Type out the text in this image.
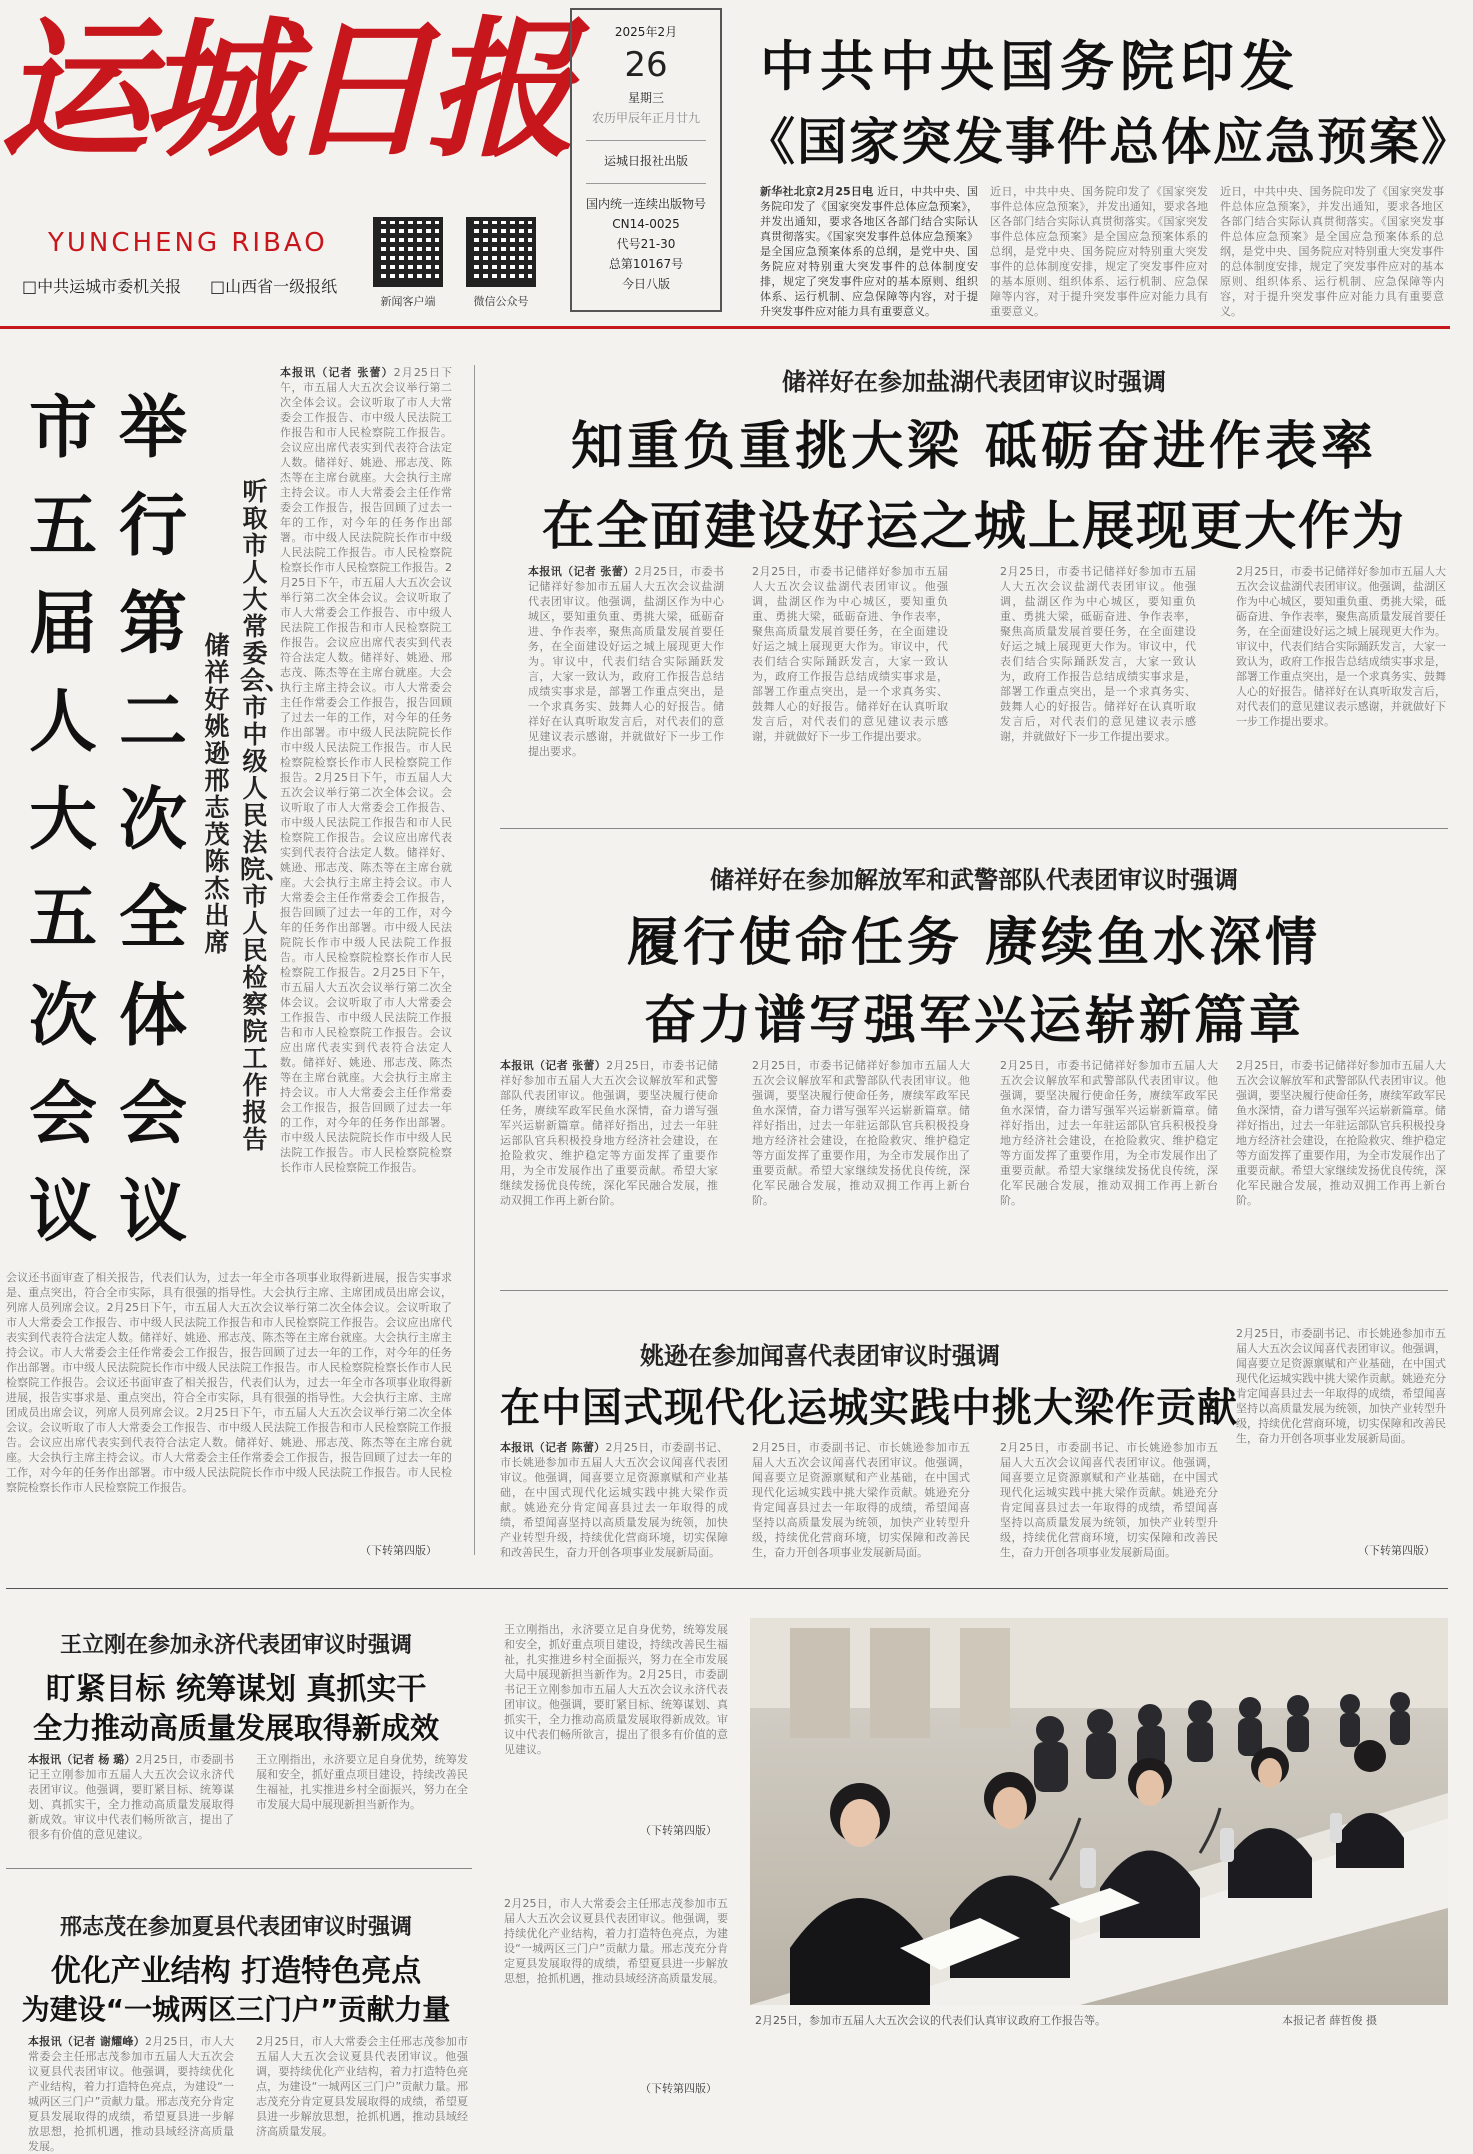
运城日报
YUNCHENG RIBAO
□中共运城市委机关报 □山西省一级报纸
新闻客户端	微信公众号
2025年2月
26
星期三
农历甲辰年正月廿九
运城日报社出版
国内统一连续出版物号
CN14-0025
代号21-30
总第10167号
今日八版
中共中央国务院印发
《国家突发事件总体应急预案》
新华社北京2月25日电 近日，中共中央、国务院印发了《国家突发事件总体应急预案》，并发出通知，要求各地区各部门结合实际认真贯彻落实。《国家突发事件总体应急预案》是全国应急预案体系的总纲，是党中央、国务院应对特别重大突发事件的总体制度安排，规定了突发事件应对的基本原则、组织体系、运行机制、应急保障等内容，对于提升突发事件应对能力具有重要意义。
近日，中共中央、国务院印发了《国家突发事件总体应急预案》，并发出通知，要求各地区各部门结合实际认真贯彻落实。《国家突发事件总体应急预案》是全国应急预案体系的总纲，是党中央、国务院应对特别重大突发事件的总体制度安排，规定了突发事件应对的基本原则、组织体系、运行机制、应急保障等内容，对于提升突发事件应对能力具有重要意义。
近日，中共中央、国务院印发了《国家突发事件总体应急预案》，并发出通知，要求各地区各部门结合实际认真贯彻落实。《国家突发事件总体应急预案》是全国应急预案体系的总纲，是党中央、国务院应对特别重大突发事件的总体制度安排，规定了突发事件应对的基本原则、组织体系、运行机制、应急保障等内容，对于提升突发事件应对能力具有重要意义。
举行第二次全体会议
市五届人大五次会议
听取市人大常委会、市中级人民法院、市人民检察院工作报告
储祥好姚逊邢志茂陈杰出席
本报讯（记者 张蕾）2月25日下午，市五届人大五次会议举行第二次全体会议。会议听取了市人大常委会工作报告、市中级人民法院工作报告和市人民检察院工作报告。会议应出席代表实到代表符合法定人数。储祥好、姚逊、邢志茂、陈杰等在主席台就座。大会执行主席主持会议。市人大常委会主任作常委会工作报告，报告回顾了过去一年的工作，对今年的任务作出部署。市中级人民法院院长作市中级人民法院工作报告。市人民检察院检察长作市人民检察院工作报告。2月25日下午，市五届人大五次会议举行第二次全体会议。会议听取了市人大常委会工作报告、市中级人民法院工作报告和市人民检察院工作报告。会议应出席代表实到代表符合法定人数。储祥好、姚逊、邢志茂、陈杰等在主席台就座。大会执行主席主持会议。市人大常委会主任作常委会工作报告，报告回顾了过去一年的工作，对今年的任务作出部署。市中级人民法院院长作市中级人民法院工作报告。市人民检察院检察长作市人民检察院工作报告。2月25日下午，市五届人大五次会议举行第二次全体会议。会议听取了市人大常委会工作报告、市中级人民法院工作报告和市人民检察院工作报告。会议应出席代表实到代表符合法定人数。储祥好、姚逊、邢志茂、陈杰等在主席台就座。大会执行主席主持会议。市人大常委会主任作常委会工作报告，报告回顾了过去一年的工作，对今年的任务作出部署。市中级人民法院院长作市中级人民法院工作报告。市人民检察院检察长作市人民检察院工作报告。2月25日下午，市五届人大五次会议举行第二次全体会议。会议听取了市人大常委会工作报告、市中级人民法院工作报告和市人民检察院工作报告。会议应出席代表实到代表符合法定人数。储祥好、姚逊、邢志茂、陈杰等在主席台就座。大会执行主席主持会议。市人大常委会主任作常委会工作报告，报告回顾了过去一年的工作，对今年的任务作出部署。市中级人民法院院长作市中级人民法院工作报告。市人民检察院检察长作市人民检察院工作报告。
会议还书面审查了相关报告，代表们认为，过去一年全市各项事业取得新进展，报告实事求是、重点突出，符合全市实际，具有很强的指导性。大会执行主席、主席团成员出席会议，列席人员列席会议。2月25日下午，市五届人大五次会议举行第二次全体会议。会议听取了市人大常委会工作报告、市中级人民法院工作报告和市人民检察院工作报告。会议应出席代表实到代表符合法定人数。储祥好、姚逊、邢志茂、陈杰等在主席台就座。大会执行主席主持会议。市人大常委会主任作常委会工作报告，报告回顾了过去一年的工作，对今年的任务作出部署。市中级人民法院院长作市中级人民法院工作报告。市人民检察院检察长作市人民检察院工作报告。会议还书面审查了相关报告，代表们认为，过去一年全市各项事业取得新进展，报告实事求是、重点突出，符合全市实际，具有很强的指导性。大会执行主席、主席团成员出席会议，列席人员列席会议。2月25日下午，市五届人大五次会议举行第二次全体会议。会议听取了市人大常委会工作报告、市中级人民法院工作报告和市人民检察院工作报告。会议应出席代表实到代表符合法定人数。储祥好、姚逊、邢志茂、陈杰等在主席台就座。大会执行主席主持会议。市人大常委会主任作常委会工作报告，报告回顾了过去一年的工作，对今年的任务作出部署。市中级人民法院院长作市中级人民法院工作报告。市人民检察院检察长作市人民检察院工作报告。
（下转第四版）
储祥好在参加盐湖代表团审议时强调
知重负重挑大梁 砥砺奋进作表率
在全面建设好运之城上展现更大作为
本报讯（记者 张蕾）2月25日，市委书记储祥好参加市五届人大五次会议盐湖代表团审议。他强调，盐湖区作为中心城区，要知重负重、勇挑大梁，砥砺奋进、争作表率，聚焦高质量发展首要任务，在全面建设好运之城上展现更大作为。审议中，代表们结合实际踊跃发言，大家一致认为，政府工作报告总结成绩实事求是，部署工作重点突出，是一个求真务实、鼓舞人心的好报告。储祥好在认真听取发言后，对代表们的意见建议表示感谢，并就做好下一步工作提出要求。
2月25日，市委书记储祥好参加市五届人大五次会议盐湖代表团审议。他强调，盐湖区作为中心城区，要知重负重、勇挑大梁，砥砺奋进、争作表率，聚焦高质量发展首要任务，在全面建设好运之城上展现更大作为。审议中，代表们结合实际踊跃发言，大家一致认为，政府工作报告总结成绩实事求是，部署工作重点突出，是一个求真务实、鼓舞人心的好报告。储祥好在认真听取发言后，对代表们的意见建议表示感谢，并就做好下一步工作提出要求。
2月25日，市委书记储祥好参加市五届人大五次会议盐湖代表团审议。他强调，盐湖区作为中心城区，要知重负重、勇挑大梁，砥砺奋进、争作表率，聚焦高质量发展首要任务，在全面建设好运之城上展现更大作为。审议中，代表们结合实际踊跃发言，大家一致认为，政府工作报告总结成绩实事求是，部署工作重点突出，是一个求真务实、鼓舞人心的好报告。储祥好在认真听取发言后，对代表们的意见建议表示感谢，并就做好下一步工作提出要求。
2月25日，市委书记储祥好参加市五届人大五次会议盐湖代表团审议。他强调，盐湖区作为中心城区，要知重负重、勇挑大梁，砥砺奋进、争作表率，聚焦高质量发展首要任务，在全面建设好运之城上展现更大作为。审议中，代表们结合实际踊跃发言，大家一致认为，政府工作报告总结成绩实事求是，部署工作重点突出，是一个求真务实、鼓舞人心的好报告。储祥好在认真听取发言后，对代表们的意见建议表示感谢，并就做好下一步工作提出要求。
储祥好在参加解放军和武警部队代表团审议时强调
履行使命任务 赓续鱼水深情
奋力谱写强军兴运崭新篇章
本报讯（记者 张蕾）2月25日，市委书记储祥好参加市五届人大五次会议解放军和武警部队代表团审议。他强调，要坚决履行使命任务，赓续军政军民鱼水深情，奋力谱写强军兴运崭新篇章。储祥好指出，过去一年驻运部队官兵积极投身地方经济社会建设，在抢险救灾、维护稳定等方面发挥了重要作用，为全市发展作出了重要贡献。希望大家继续发扬优良传统，深化军民融合发展，推动双拥工作再上新台阶。
2月25日，市委书记储祥好参加市五届人大五次会议解放军和武警部队代表团审议。他强调，要坚决履行使命任务，赓续军政军民鱼水深情，奋力谱写强军兴运崭新篇章。储祥好指出，过去一年驻运部队官兵积极投身地方经济社会建设，在抢险救灾、维护稳定等方面发挥了重要作用，为全市发展作出了重要贡献。希望大家继续发扬优良传统，深化军民融合发展，推动双拥工作再上新台阶。
2月25日，市委书记储祥好参加市五届人大五次会议解放军和武警部队代表团审议。他强调，要坚决履行使命任务，赓续军政军民鱼水深情，奋力谱写强军兴运崭新篇章。储祥好指出，过去一年驻运部队官兵积极投身地方经济社会建设，在抢险救灾、维护稳定等方面发挥了重要作用，为全市发展作出了重要贡献。希望大家继续发扬优良传统，深化军民融合发展，推动双拥工作再上新台阶。
2月25日，市委书记储祥好参加市五届人大五次会议解放军和武警部队代表团审议。他强调，要坚决履行使命任务，赓续军政军民鱼水深情，奋力谱写强军兴运崭新篇章。储祥好指出，过去一年驻运部队官兵积极投身地方经济社会建设，在抢险救灾、维护稳定等方面发挥了重要作用，为全市发展作出了重要贡献。希望大家继续发扬优良传统，深化军民融合发展，推动双拥工作再上新台阶。
姚逊在参加闻喜代表团审议时强调
在中国式现代化运城实践中挑大梁作贡献
本报讯（记者 陈蕾）2月25日，市委副书记、市长姚逊参加市五届人大五次会议闻喜代表团审议。他强调，闻喜要立足资源禀赋和产业基础，在中国式现代化运城实践中挑大梁作贡献。姚逊充分肯定闻喜县过去一年取得的成绩，希望闻喜坚持以高质量发展为统领，加快产业转型升级，持续优化营商环境，切实保障和改善民生，奋力开创各项事业发展新局面。
2月25日，市委副书记、市长姚逊参加市五届人大五次会议闻喜代表团审议。他强调，闻喜要立足资源禀赋和产业基础，在中国式现代化运城实践中挑大梁作贡献。姚逊充分肯定闻喜县过去一年取得的成绩，希望闻喜坚持以高质量发展为统领，加快产业转型升级，持续优化营商环境，切实保障和改善民生，奋力开创各项事业发展新局面。
2月25日，市委副书记、市长姚逊参加市五届人大五次会议闻喜代表团审议。他强调，闻喜要立足资源禀赋和产业基础，在中国式现代化运城实践中挑大梁作贡献。姚逊充分肯定闻喜县过去一年取得的成绩，希望闻喜坚持以高质量发展为统领，加快产业转型升级，持续优化营商环境，切实保障和改善民生，奋力开创各项事业发展新局面。
2月25日，市委副书记、市长姚逊参加市五届人大五次会议闻喜代表团审议。他强调，闻喜要立足资源禀赋和产业基础，在中国式现代化运城实践中挑大梁作贡献。姚逊充分肯定闻喜县过去一年取得的成绩，希望闻喜坚持以高质量发展为统领，加快产业转型升级，持续优化营商环境，切实保障和改善民生，奋力开创各项事业发展新局面。
（下转第四版）
王立刚在参加永济代表团审议时强调
盯紧目标 统筹谋划 真抓实干
全力推动高质量发展取得新成效
本报讯（记者 杨 璐）2月25日，市委副书记王立刚参加市五届人大五次会议永济代表团审议。他强调，要盯紧目标、统筹谋划、真抓实干，全力推动高质量发展取得新成效。审议中代表们畅所欲言，提出了很多有价值的意见建议。
王立刚指出，永济要立足自身优势，统筹发展和安全，抓好重点项目建设，持续改善民生福祉，扎实推进乡村全面振兴，努力在全市发展大局中展现新担当新作为。
王立刚指出，永济要立足自身优势，统筹发展和安全，抓好重点项目建设，持续改善民生福祉，扎实推进乡村全面振兴，努力在全市发展大局中展现新担当新作为。2月25日，市委副书记王立刚参加市五届人大五次会议永济代表团审议。他强调，要盯紧目标、统筹谋划、真抓实干，全力推动高质量发展取得新成效。审议中代表们畅所欲言，提出了很多有价值的意见建议。
（下转第四版）
邢志茂在参加夏县代表团审议时强调
优化产业结构 打造特色亮点
为建设“一城两区三门户”贡献力量
本报讯（记者 谢耀峰）2月25日，市人大常委会主任邢志茂参加市五届人大五次会议夏县代表团审议。他强调，要持续优化产业结构，着力打造特色亮点，为建设“一城两区三门户”贡献力量。邢志茂充分肯定夏县发展取得的成绩，希望夏县进一步解放思想，抢抓机遇，推动县域经济高质量发展。
2月25日，市人大常委会主任邢志茂参加市五届人大五次会议夏县代表团审议。他强调，要持续优化产业结构，着力打造特色亮点，为建设“一城两区三门户”贡献力量。邢志茂充分肯定夏县发展取得的成绩，希望夏县进一步解放思想，抢抓机遇，推动县域经济高质量发展。
2月25日，市人大常委会主任邢志茂参加市五届人大五次会议夏县代表团审议。他强调，要持续优化产业结构，着力打造特色亮点，为建设“一城两区三门户”贡献力量。邢志茂充分肯定夏县发展取得的成绩，希望夏县进一步解放思想，抢抓机遇，推动县域经济高质量发展。
（下转第四版）
2月25日，参加市五届人大五次会议的代表们认真审议政府工作报告等。	本报记者 薛哲俊 摄
